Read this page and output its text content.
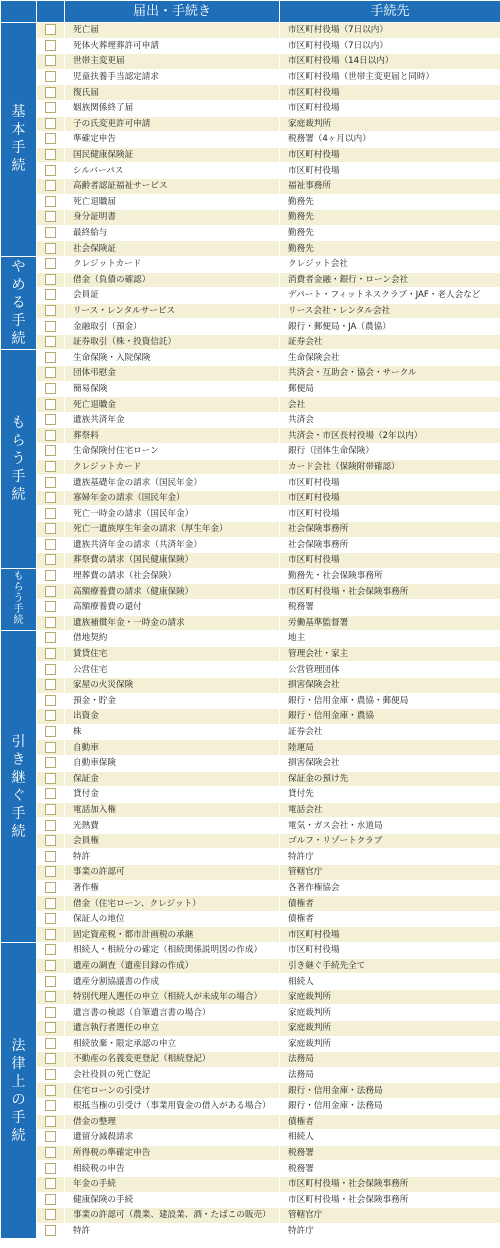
		届出・手続き	手続先
基本手続		死亡届	市区町村役場（7日以内）
		死体火葬埋葬許可申請	市区町村役場（7日以内）
		世帯主変更届	市区町村役場（14日以内）
		児童扶養手当認定請求	市区町村役場（世帯主変更届と同時）
		復氏届	市区町村役場
		姻族関係終了届	市区町村役場
		子の氏変更許可申請	家庭裁判所
		準確定申告	税務署（4ヶ月以内）
		国民健康保険証	市区町村役場
		シルバーパス	市区町村役場
		高齢者認証福祉サービス	福祉事務所
		死亡退職届	勤務先
		身分証明書	勤務先
		最終給与	勤務先
		社会保険証	勤務先
やめる手続		クレジットカード	クレジット会社
		借金（負債の確認）	消費者金融・銀行・ローン会社
		会員証	デパート・フィットネスクラブ・JAF・老人会など
		リース・レンタルサービス	リース会社・レンタル会社
		金融取引（預金）	銀行・郵便局・JA（農協）
		証券取引（株・投資信託）	証券会社
もらう手続		生命保険・入院保険	生命保険会社
		団体弔慰金	共済会・互助会・協会・サークル
		簡易保険	郵便局
		死亡退職金	会社
		遺族共済年金	共済会
		葬祭料	共済会・市区長村役場（2年以内）
		生命保険付住宅ローン	銀行（団体生命保険）
		クレジットカード	カード会社（保険附帯確認）
		遺族基礎年金の請求（国民年金）	市区町村役場
		寡婦年金の請求（国民年金）	市区町村役場
		死亡一時金の請求（国民年金）	市区町村役場
		死亡一遺族厚生年金の請求（厚生年金）	社会保険事務所
		遺族共済年金の請求（共済年金）	社会保険事務所
		葬祭費の請求（国民健康保険）	市区町村役場
もらう手続		埋葬費の請求（社会保険）	勤務先・社会保険事務所
		高額療養費の請求（健康保険）	市区町村役場・社会保険事務所
		高額療養費の還付	税務署
		遺族補償年金・一時金の請求	労働基準監督署
引き継ぐ手続		借地契約	地主
		賃貸住宅	管理会社・家主
		公営住宅	公営管理団体
		家屋の火災保険	損害保険会社
		預金・貯金	銀行・信用金庫・農協・郵便局
		出資金	銀行・信用金庫・農協
		株	証券会社
		自動車	陸運局
		自動車保険	損害保険会社
		保証金	保証金の預け先
		貸付金	貸付先
		電話加入権	電話会社
		光熱費	電気・ガス会社・水道局
		会員権	ゴルフ・リゾートクラブ
		特許	特許庁
		事業の許認可	管轄官庁
		著作権	各著作権協会
		借金（住宅ローン、クレジット）	債権者
		保証人の地位	債権者
		固定資産税・都市計画税の承継	市区町村役場
法律上の手続		相続人・相続分の確定（相続関係説明図の作成）	市区町村役場
		遺産の調査（遺産目録の作成）	引き継ぐ手続先全て
		遺産分割協議書の作成	相続人
		特別代理人選任の申立（相続人が未成年の場合）	家庭裁判所
		遺言書の検認（自筆遺言書の場合）	家庭裁判所
		遺言執行者選任の申立	家庭裁判所
		相続放棄・限定承認の申立	家庭裁判所
		不動産の名義変更登記（相続登記）	法務局
		会社役員の死亡登記	法務局
		住宅ローンの引受け	銀行・信用金庫・法務局
		根抵当権の引受け（事業用資金の借入がある場合）	銀行・信用金庫・法務局
		借金の整理	債権者
		遺留分減殺請求	相続人
		所得税の準確定申告	税務署
		相続税の申告	税務署
		年金の手続	市区町村役場・社会保険事務所
		健康保険の手続	市区町村役場・社会保険事務所
		事業の許認可（農業、建設業、酒・たばこの販売）	管轄官庁
		特許	特許庁
